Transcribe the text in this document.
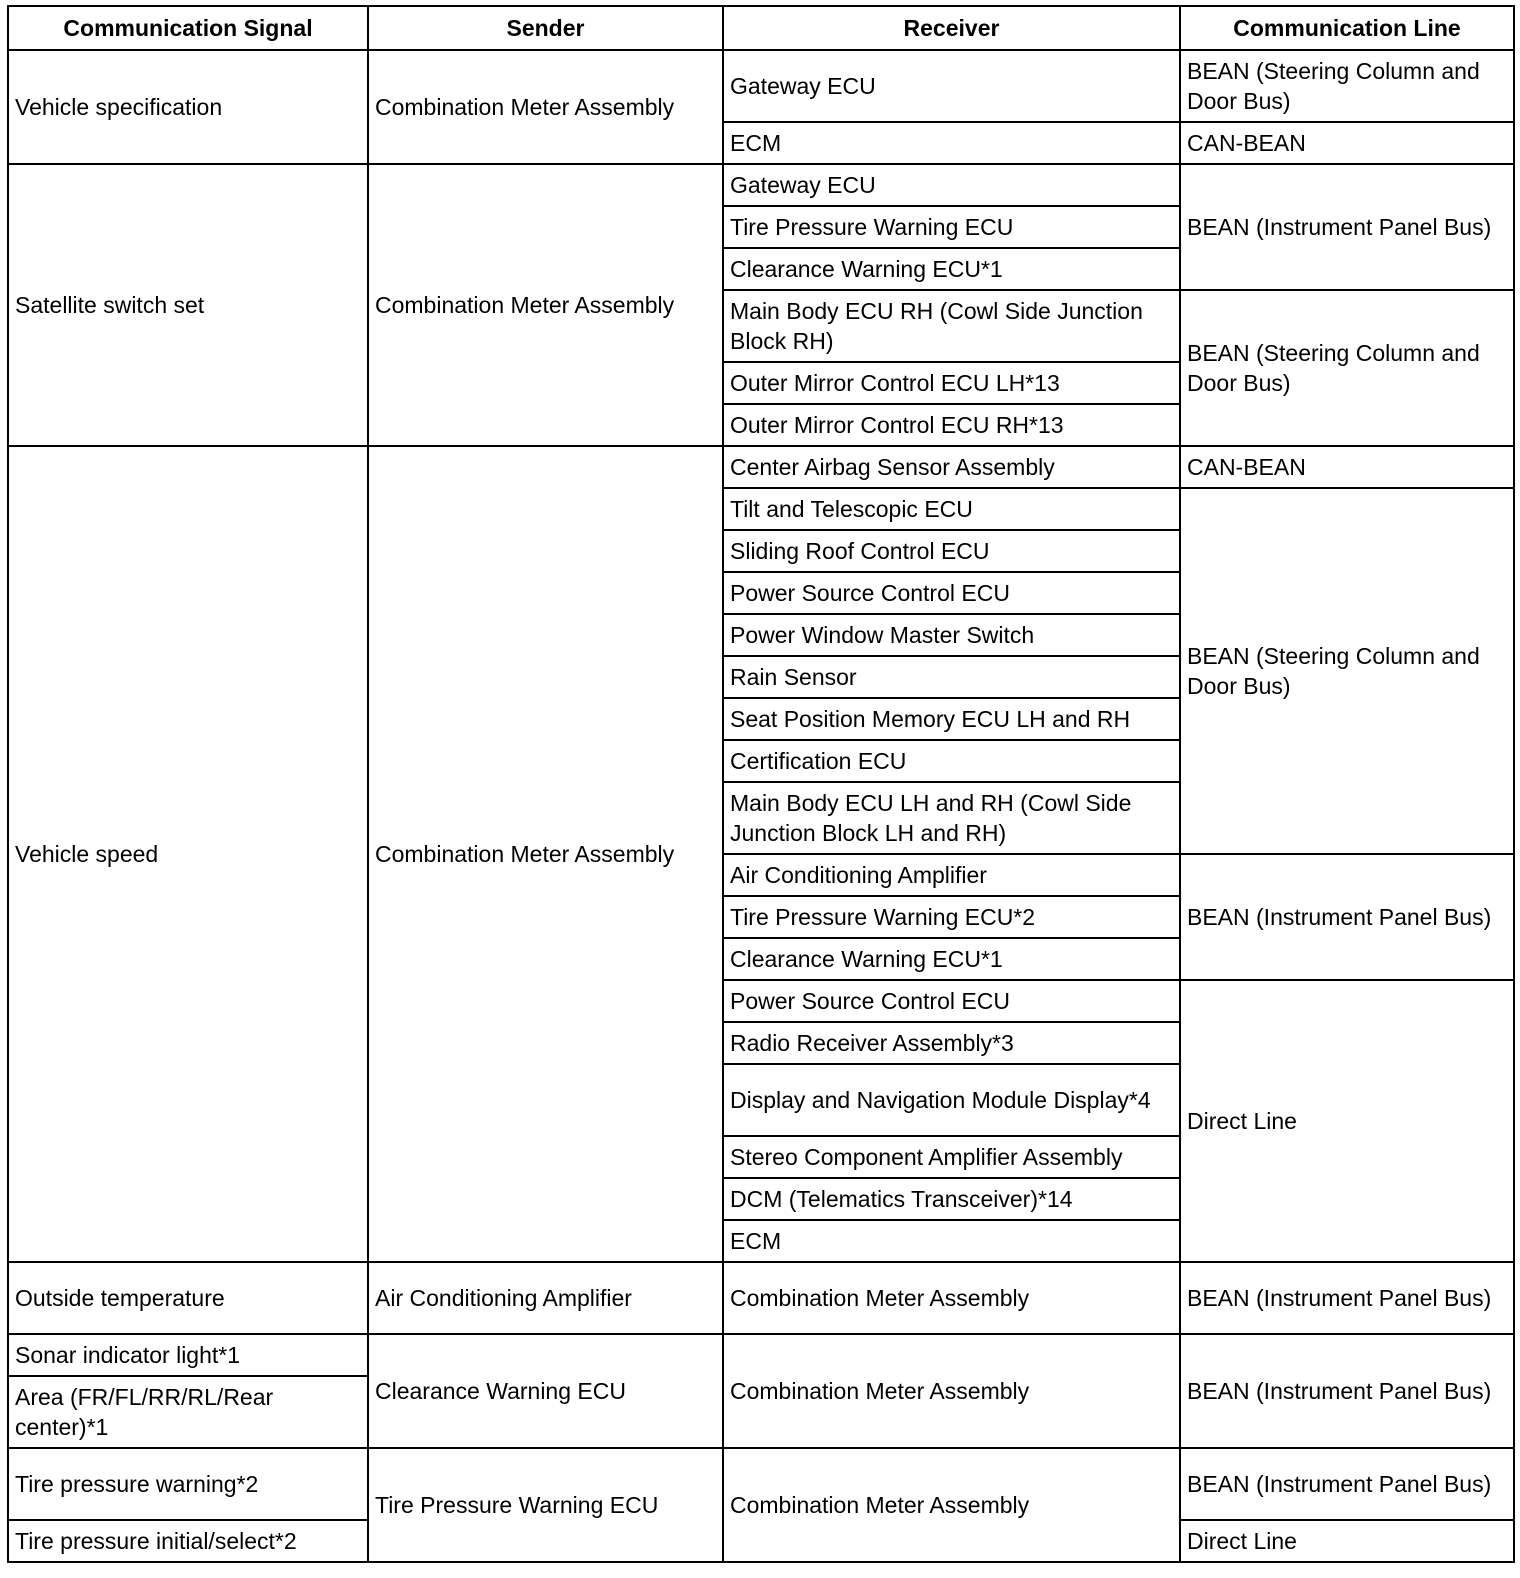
Communication Signal	Sender	Receiver	Communication Line
Vehicle specification	Combination Meter Assembly	Gateway ECU	BEAN (Steering Column and Door Bus)
		ECM	CAN-BEAN
Satellite switch set	Combination Meter Assembly	Gateway ECU	BEAN (Instrument Panel Bus)
		Tire Pressure Warning ECU	
		Clearance Warning ECU*1	
		Main Body ECU RH (Cowl Side Junction Block RH)	BEAN (Steering Column and Door Bus)
		Outer Mirror Control ECU LH*13	
		Outer Mirror Control ECU RH*13	
Vehicle speed	Combination Meter Assembly	Center Airbag Sensor Assembly	CAN-BEAN
		Tilt and Telescopic ECU	BEAN (Steering Column and Door Bus)
		Sliding Roof Control ECU	
		Power Source Control ECU	
		Power Window Master Switch	
		Rain Sensor	
		Seat Position Memory ECU LH and RH	
		Certification ECU	
		Main Body ECU LH and RH (Cowl Side Junction Block LH and RH)	
		Air Conditioning Amplifier	BEAN (Instrument Panel Bus)
		Tire Pressure Warning ECU*2	
		Clearance Warning ECU*1	
		Power Source Control ECU	Direct Line
		Radio Receiver Assembly*3	
		Display and Navigation Module Display*4	
		Stereo Component Amplifier Assembly	
		DCM (Telematics Transceiver)*14	
		ECM	
Outside temperature	Air Conditioning Amplifier	Combination Meter Assembly	BEAN (Instrument Panel Bus)
Sonar indicator light*1	Clearance Warning ECU	Combination Meter Assembly	BEAN (Instrument Panel Bus)
Area (FR/FL/RR/RL/Rear center)*1			
Tire pressure warning*2	Tire Pressure Warning ECU	Combination Meter Assembly	BEAN (Instrument Panel Bus)
Tire pressure initial/select*2			Direct Line
